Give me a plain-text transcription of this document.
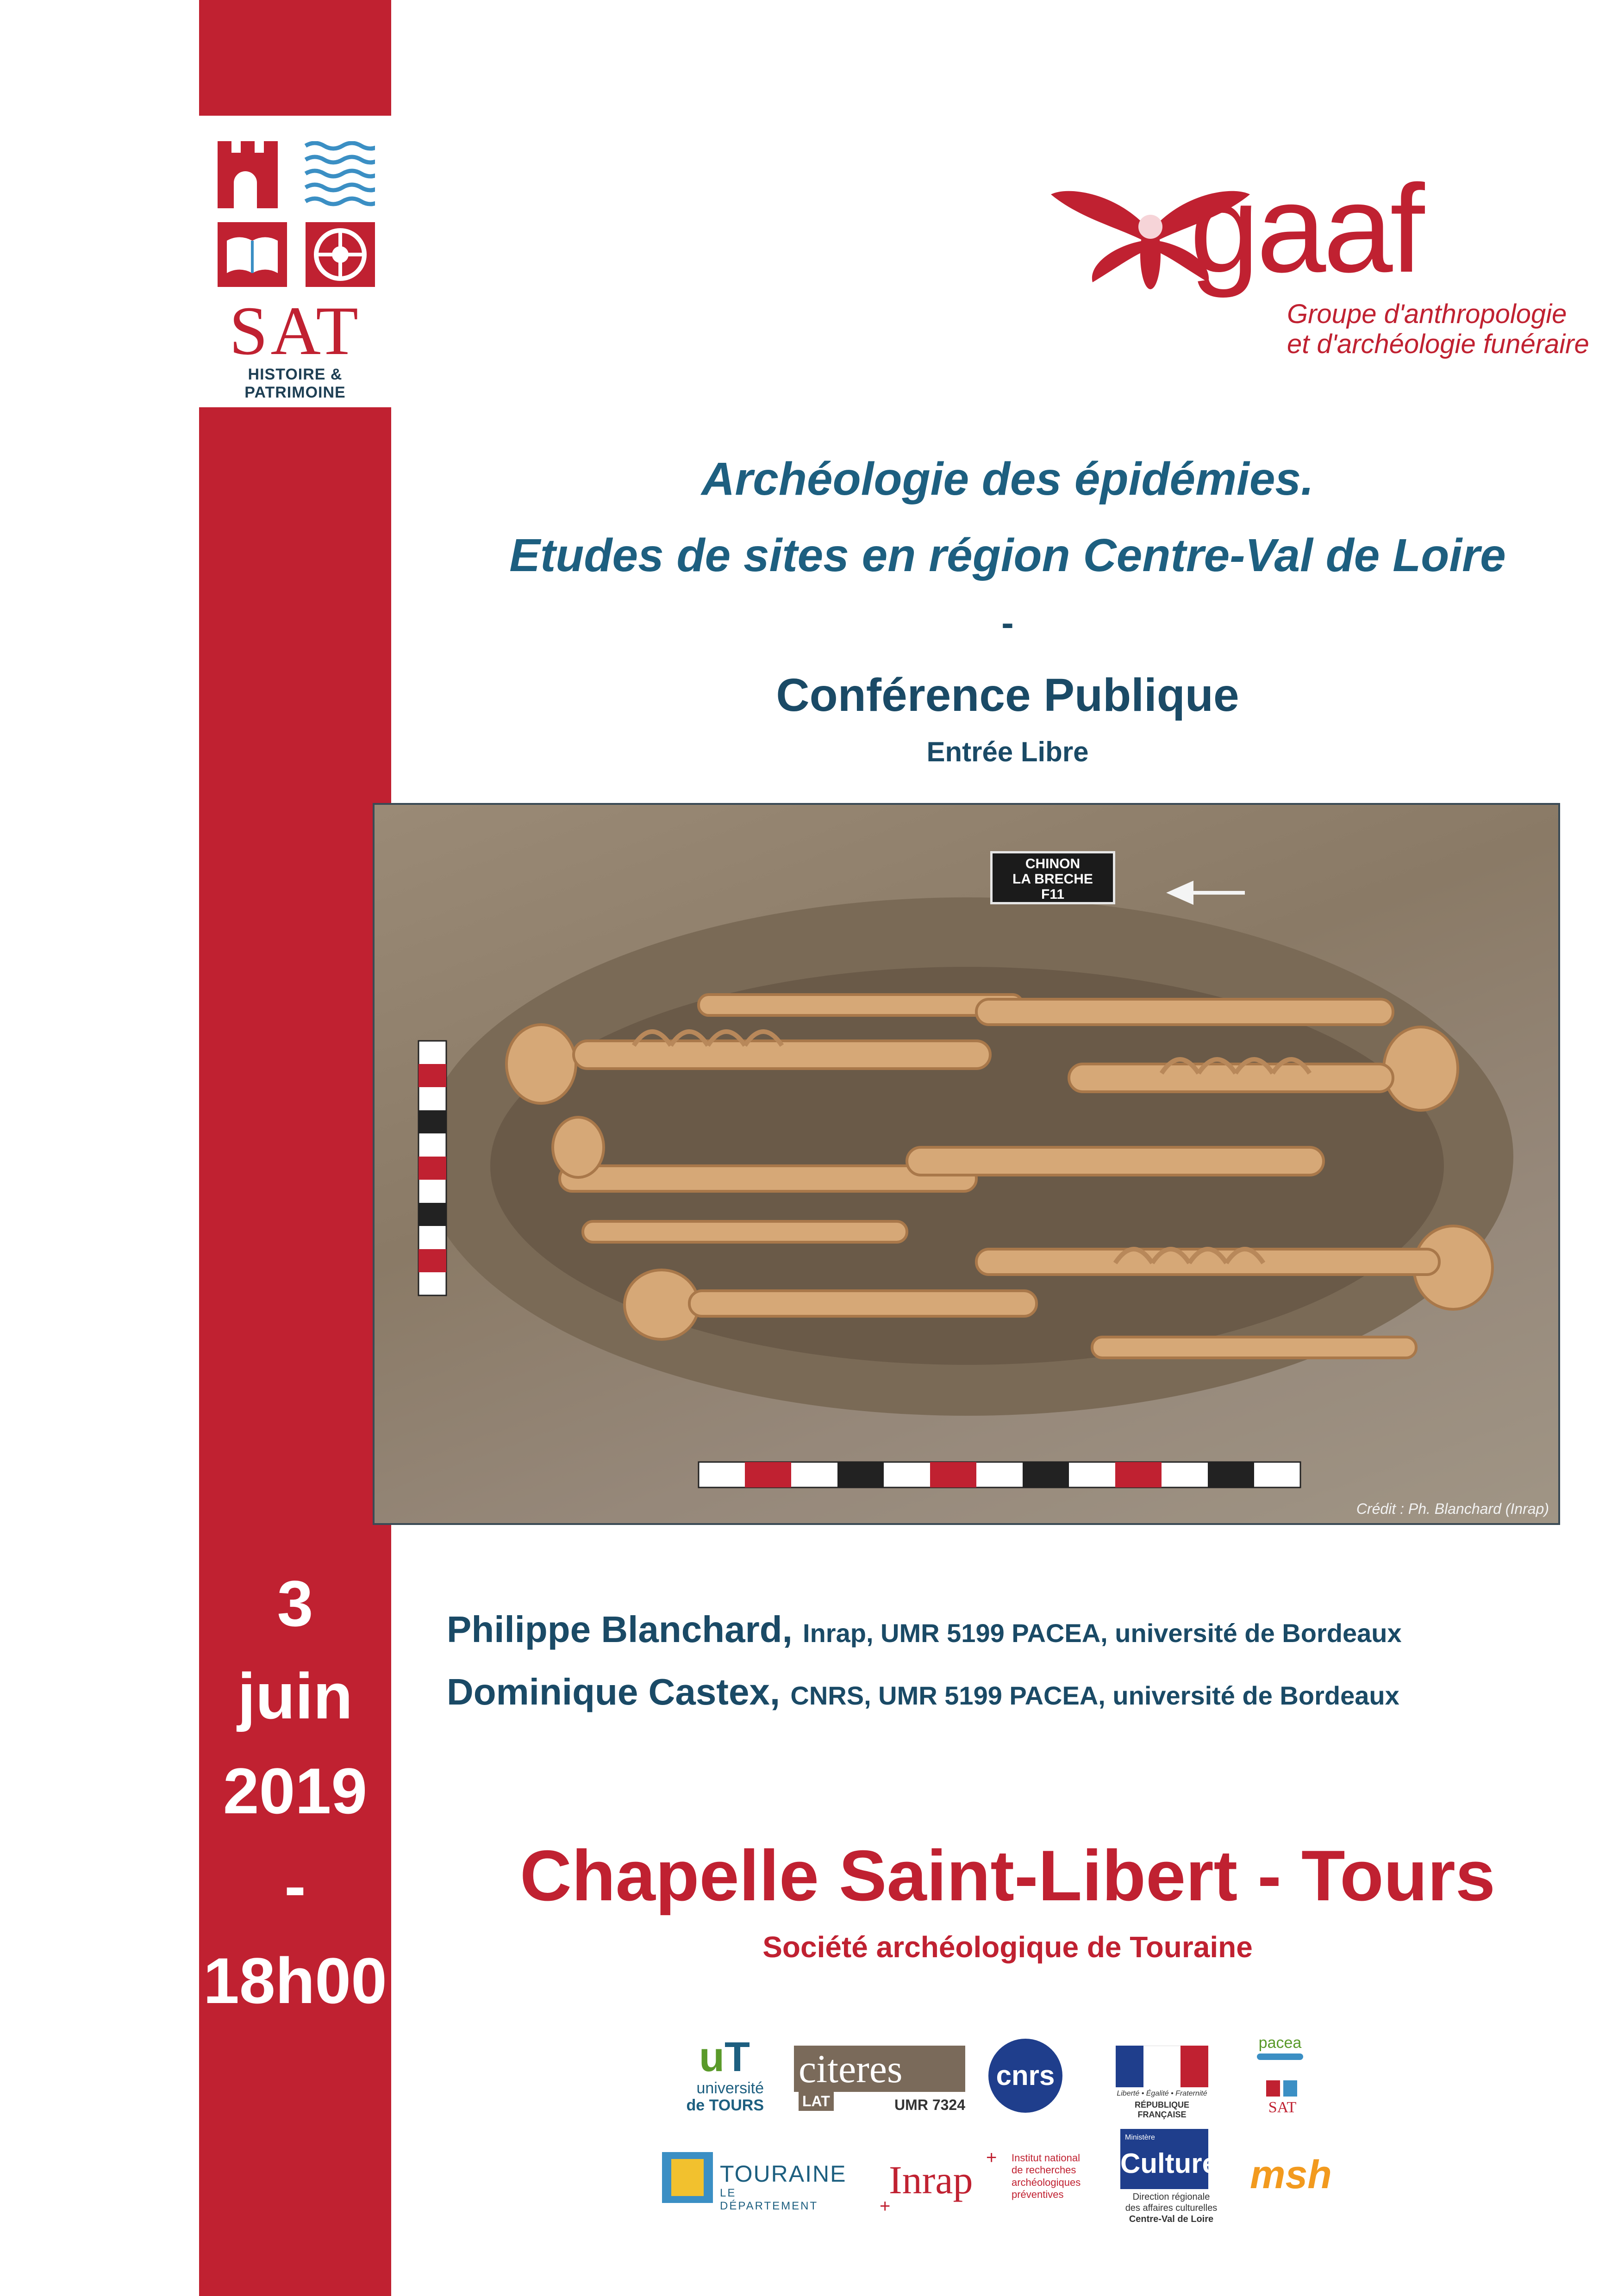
SAT
HISTOIRE & PATRIMOINE
gaaf
Groupe d'anthropologie
et d'archéologie funéraire
Archéologie des épidémies.
Etudes de sites en région Centre-Val de Loire
-
Conférence Publique
Entrée Libre
CHINON
LA BRECHE
F11
Crédit : Ph. Blanchard (Inrap)
3
juin
2019
-
18h00
Philippe Blanchard, Inrap, UMR 5199 PACEA, université de Bordeaux
Dominique Castex, CNRS, UMR 5199 PACEA, université de Bordeaux
Chapelle Saint-Libert - Tours
Société archéologique de Touraine
uT
université
de TOURS
citeres
LAT	UMR 7324
cnrs
Liberté • Égalité • Fraternité
RÉPUBLIQUE FRANÇAISE
pacea
SAT
TOURAINE
LE DÉPARTEMENT
Inrap
+
+ Institut national
de recherches
archéologiques
préventives
Ministère
Culture
Direction régionale
des affaires culturelles
Centre-Val de Loire
msh
